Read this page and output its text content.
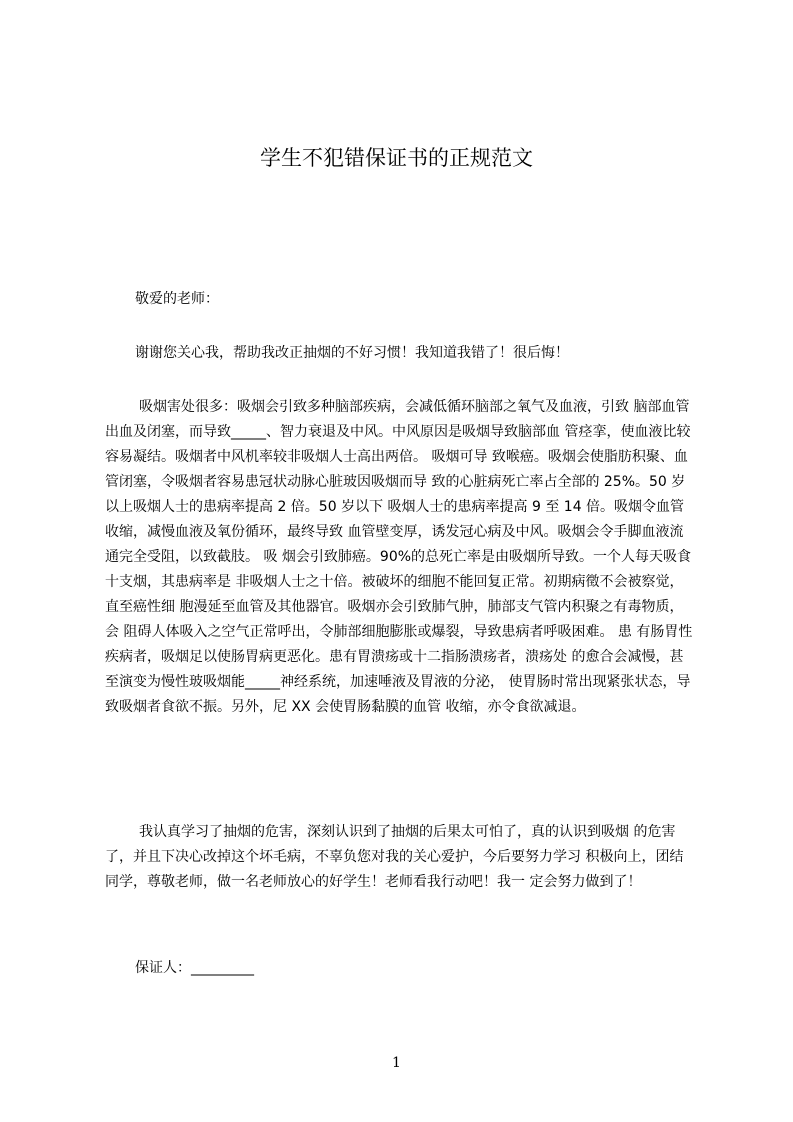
学生不犯错保证书的正规范文

敬爱的老师：

谢谢您关心我，帮助我改正抽烟的不好习惯！我知道我错了！很后悔！

吸烟害处很多：吸烟会引致多种脑部疾病，会减低循环脑部之氧气及血液，引致 脑部血管出血及闭塞，而导致_____、智力衰退及中风。中风原因是吸烟导致脑部血 管痉挛，使血液比较容易凝结。吸烟者中风机率较非吸烟人士高出两倍。 吸烟可导 致喉癌。吸烟会使脂肪积聚、血管闭塞，令吸烟者容易患冠状动脉心脏玻因吸烟而导 致的心脏病死亡率占全部的 25%。50 岁以上吸烟人士的患病率提高 2 倍。50 岁以下 吸烟人士的患病率提高 9 至 14 倍。吸烟令血管收缩，减慢血液及氧份循环，最终导致 血管壁变厚，诱发冠心病及中风。吸烟会令手脚血液流通完全受阻，以致截肢。 吸 烟会引致肺癌。90%的总死亡率是由吸烟所导致。一个人每天吸食十支烟，其患病率是 非吸烟人士之十倍。被破坏的细胞不能回复正常。初期病徵不会被察觉，直至癌性细 胞漫延至血管及其他器官。吸烟亦会引致肺气肿，肺部支气管内积聚之有毒物质，会 阻碍人体吸入之空气正常呼出，令肺部细胞膨胀或爆裂，导致患病者呼吸困难。 患 有肠胃性疾病者，吸烟足以使肠胃病更恶化。患有胃溃疡或十二指肠溃疡者，溃疡处 的愈合会减慢，甚至演变为慢性玻吸烟能_____神经系统，加速唾液及胃液的分泌， 使胃肠时常出现紧张状态，导致吸烟者食欲不振。另外，尼 XX 会使胃肠黏膜的血管 收缩，亦令食欲减退。
我认真学习了抽烟的危害，深刻认识到了抽烟的后果太可怕了，真的认识到吸烟 的危害了，并且下决心改掉这个坏毛病，不辜负您对我的关心爱护，今后要努力学习 积极向上，团结同学，尊敬老师，做一名老师放心的好学生！老师看我行动吧！我一 定会努力做到了！

保证人：_________

1
